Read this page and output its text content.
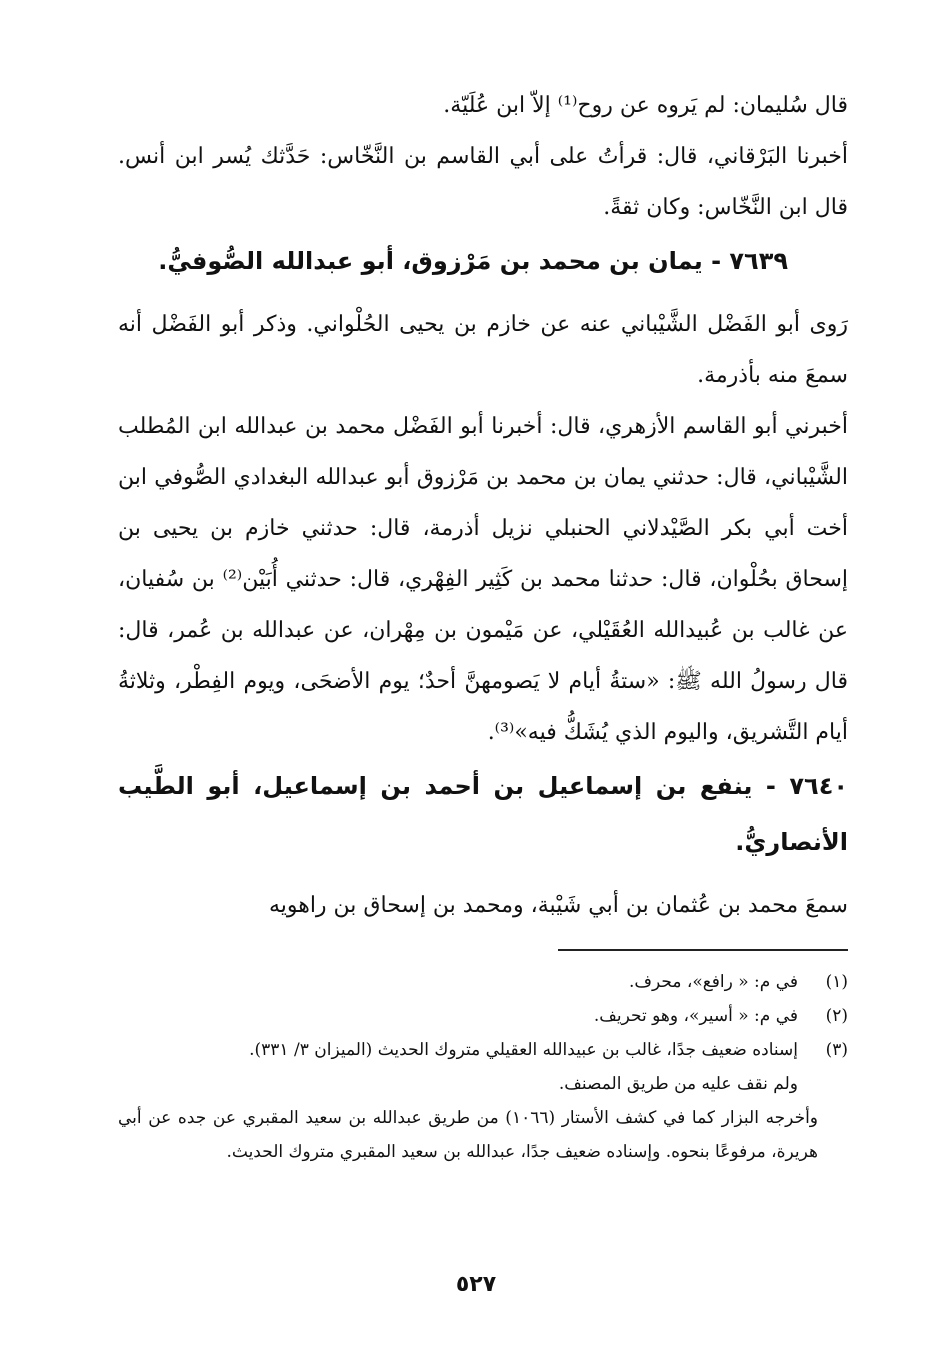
قال سُليمان: لم يَروه عن روح⁽¹⁾ إلاّ ابن عُلَيّة.

أخبرنا البَرْقاني، قال: قرأتُ على أبي القاسم بن النَّخّاس: حَدَّثك يُسر ابن أنس. قال ابن النَّخّاس: وكان ثقةً.

٧٦٣٩ - يمان بن محمد بن مَرْزوق، أبو عبدالله الصُّوفيُّ.

رَوى أبو الفَضْل الشَّيْباني عنه عن خازم بن يحيى الحُلْواني. وذكر أبو الفَضْل أنه سمعَ منه بأذرمة.

أخبرني أبو القاسم الأزهري، قال: أخبرنا أبو الفَضْل محمد بن عبدالله ابن المُطلب الشَّيْباني، قال: حدثني يمان بن محمد بن مَرْزوق أبو عبدالله البغدادي الصُّوفي ابن أخت أبي بكر الصَّيْدلاني الحنبلي نزيل أذرمة، قال: حدثني خازم بن يحيى بن إسحاق بحُلْوان، قال: حدثنا محمد بن كَثِير الفِهْري، قال: حدثني أُبَيْن⁽²⁾ بن سُفيان، عن غالب بن عُبيدالله العُقَيْلي، عن مَيْمون بن مِهْران، عن عبدالله بن عُمر، قال: قال رسولُ الله ﷺ: «ستةُ أيام لا يَصومهنَّ أحدٌ؛ يوم الأضحَى، ويوم الفِطْر، وثلاثةُ أيام التَّشريق، واليوم الذي يُشَكُّ فيه»⁽³⁾.

٧٦٤٠ - ينفع بن إسماعيل بن أحمد بن إسماعيل، أبو الطَّيب الأنصاريُّ.

سمعَ محمد بن عُثمان بن أبي شَيْبة، ومحمد بن إسحاق بن راهويه

(١)
في م: « رافع»، محرف.
(٢)
في م: « أسير»، وهو تحريف.
(٣)
إسناده ضعيف جدًا، غالب بن عبيدالله العقيلي متروك الحديث (الميزان ٣/ ٣٣١).

ولم نقف عليه من طريق المصنف.

وأخرجه البزار كما في كشف الأستار (١٠٦٦) من طريق عبدالله بن سعيد المقبري عن جده عن أبي هريرة، مرفوعًا بنحوه. وإسناده ضعيف جدًا، عبدالله بن سعيد المقبري متروك الحديث.

٥٢٧
